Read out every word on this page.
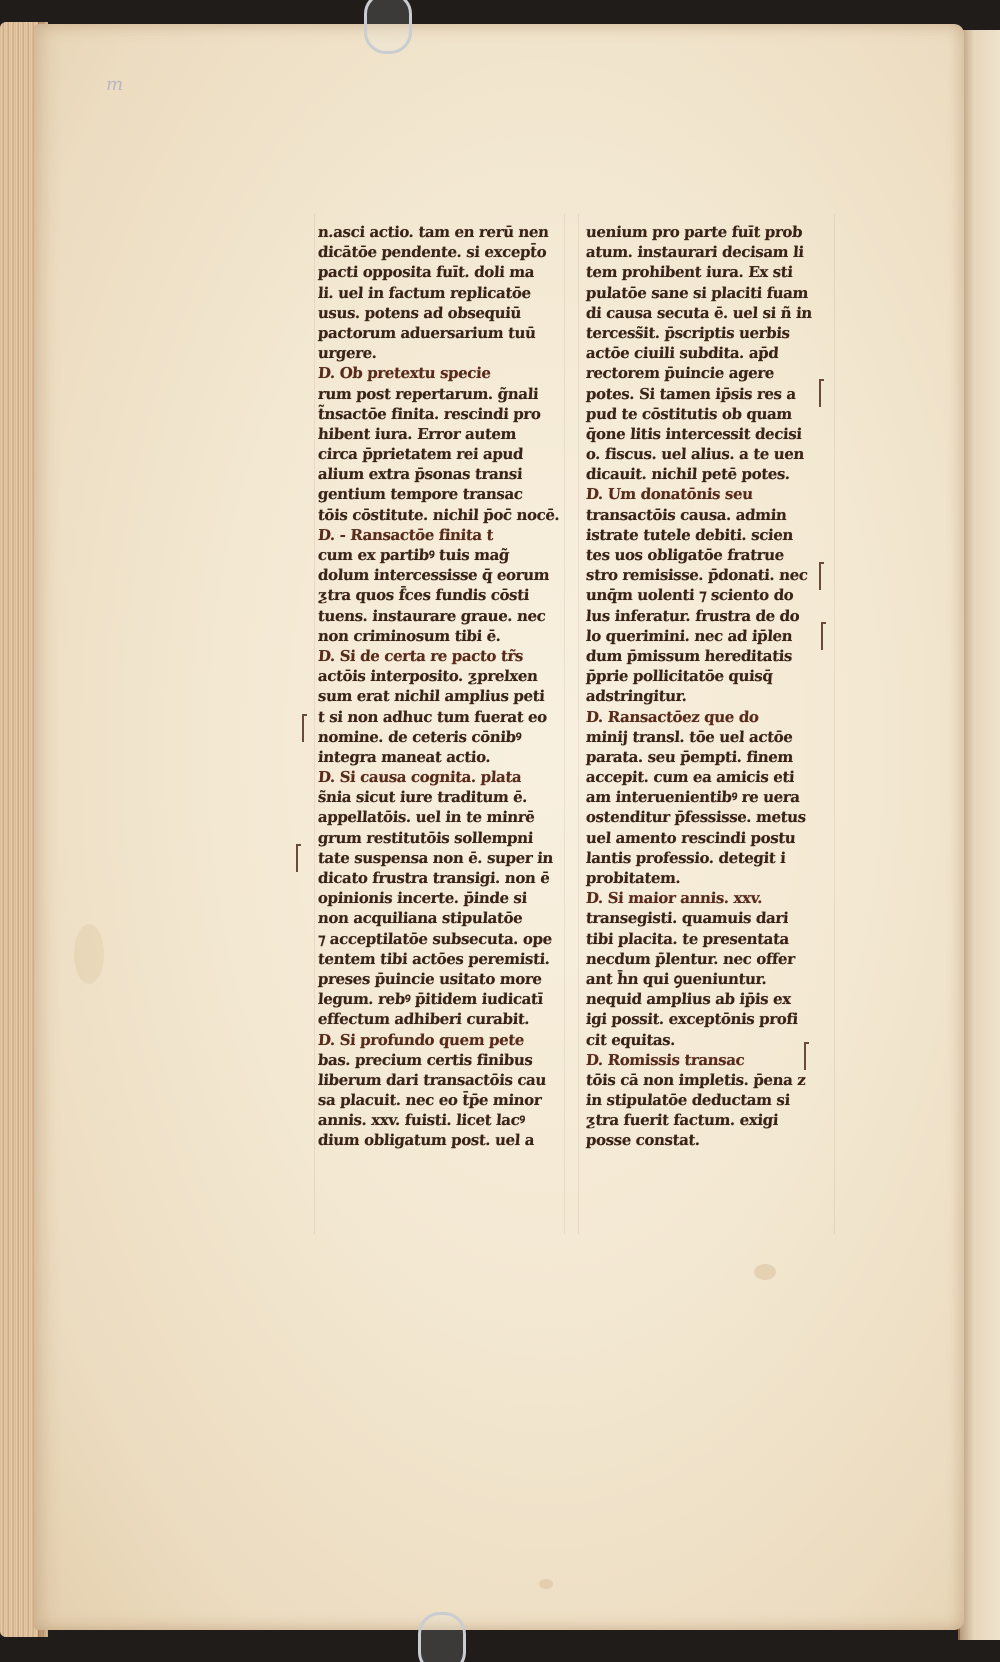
m
n.asci actio. tam en rerū nen
dicātōe pendente. si except̄o
pacti opposita fuīt. doli ma
li. uel in factum replicatōe
usus. potens ad obsequiū
pactorum aduersarium tuū
urgere.
D. Ob pretextu specie
rum post repertarum. g̃nali
t̃nsactōe finita. rescindi pro
hibent iura. Error autem
circa p̄prietatem rei apud
alium extra p̄sonas transi
gentium tempore transac
tōis cōstitute. nichil p̄oc̄ nocē.
D. - Ransactōe finita t
cum ex partibꝰ tuis mag̃
dolum intercessisse q̄ eorum
ƺtra quos f̄ces fundis cōsti
tuens. instaurare graue. nec
non criminosum tibi ē.
D. Si de certa re pacto tr̃s
actōis interposito. ƺprelxen
sum erat nichil amplius peti
t si non adhuc tum fuerat eo
nomine. de ceteris cōnibꝰ
integra maneat actio.
D. Si causa cognita. plata
s̃nia sicut iure traditum ē.
appellatōis. uel in te minrē
grum restitutōis sollempni
tate suspensa non ē. super in
dicato frustra transigi. non ē
opinionis incerte. p̄inde si
non acquiliana stipulatōe
⁊ acceptilatōe subsecuta. ope
tentem tibi actōes peremisti.
preses p̄uincie usitato more
legum. rebꝰ p̄itidem iudicatī
effectum adhiberi curabit.
D. Si profundo quem pete
bas. precium certis finibus
liberum dari transactōis cau
sa placuit. nec eo t̄p̄e minor
annis. xxv. fuisti. licet lacꝰ
dium obligatum post. uel a
uenium pro parte fuīt prob
atum. instaurari decisam li
tem prohibent iura. Ex sti
pulatōe sane si placiti fuam
di causa secuta ē. uel si ñ in
tercess̃it. p̄scriptis uerbis
actōe ciuili subdita. ap̄d
rectorem p̄uincie agere
potes. Si tamen ip̄sis res a
pud te cōstitutis ob quam
q̄one litis intercessit decisi
o. fiscus. uel alius. a te uen
dicauit. nichil petē potes.
D. Um donatōnis seu
transactōis causa. admin
istrate tutele debiti. scien
tes uos obligatōe fratrue
stro remisisse. p̄donati. nec
unq̄m uolenti ⁊ sciento do
lus inferatur. frustra de do
lo querimini. nec ad ip̄len
dum p̄missum hereditatis
p̄prie pollicitatōe quisq̄
adstringitur.
D. Ransactōez que do
minij transl. tōe uel actōe
parata. seu p̄empti. finem
accepit. cum ea amicis eti
am interuenientibꝰ re uera
ostenditur p̄fessisse. metus
uel amento rescindi postu
lantis professio. detegit i
probitatem.
D. Si maior annis. xxv.
transegisti. quamuis dari
tibi placita. te presentata
necdum p̄lentur. nec offer
ant h̄n qui ꝯueniuntur.
nequid amplius ab ip̄is ex
igi possit. exceptōnis profi
cit equitas.
D. Romissis transac
tōis cā non impletis. p̄ena z
in stipulatōe deductam si
ƺtra fuerit factum. exigi
posse constat.
